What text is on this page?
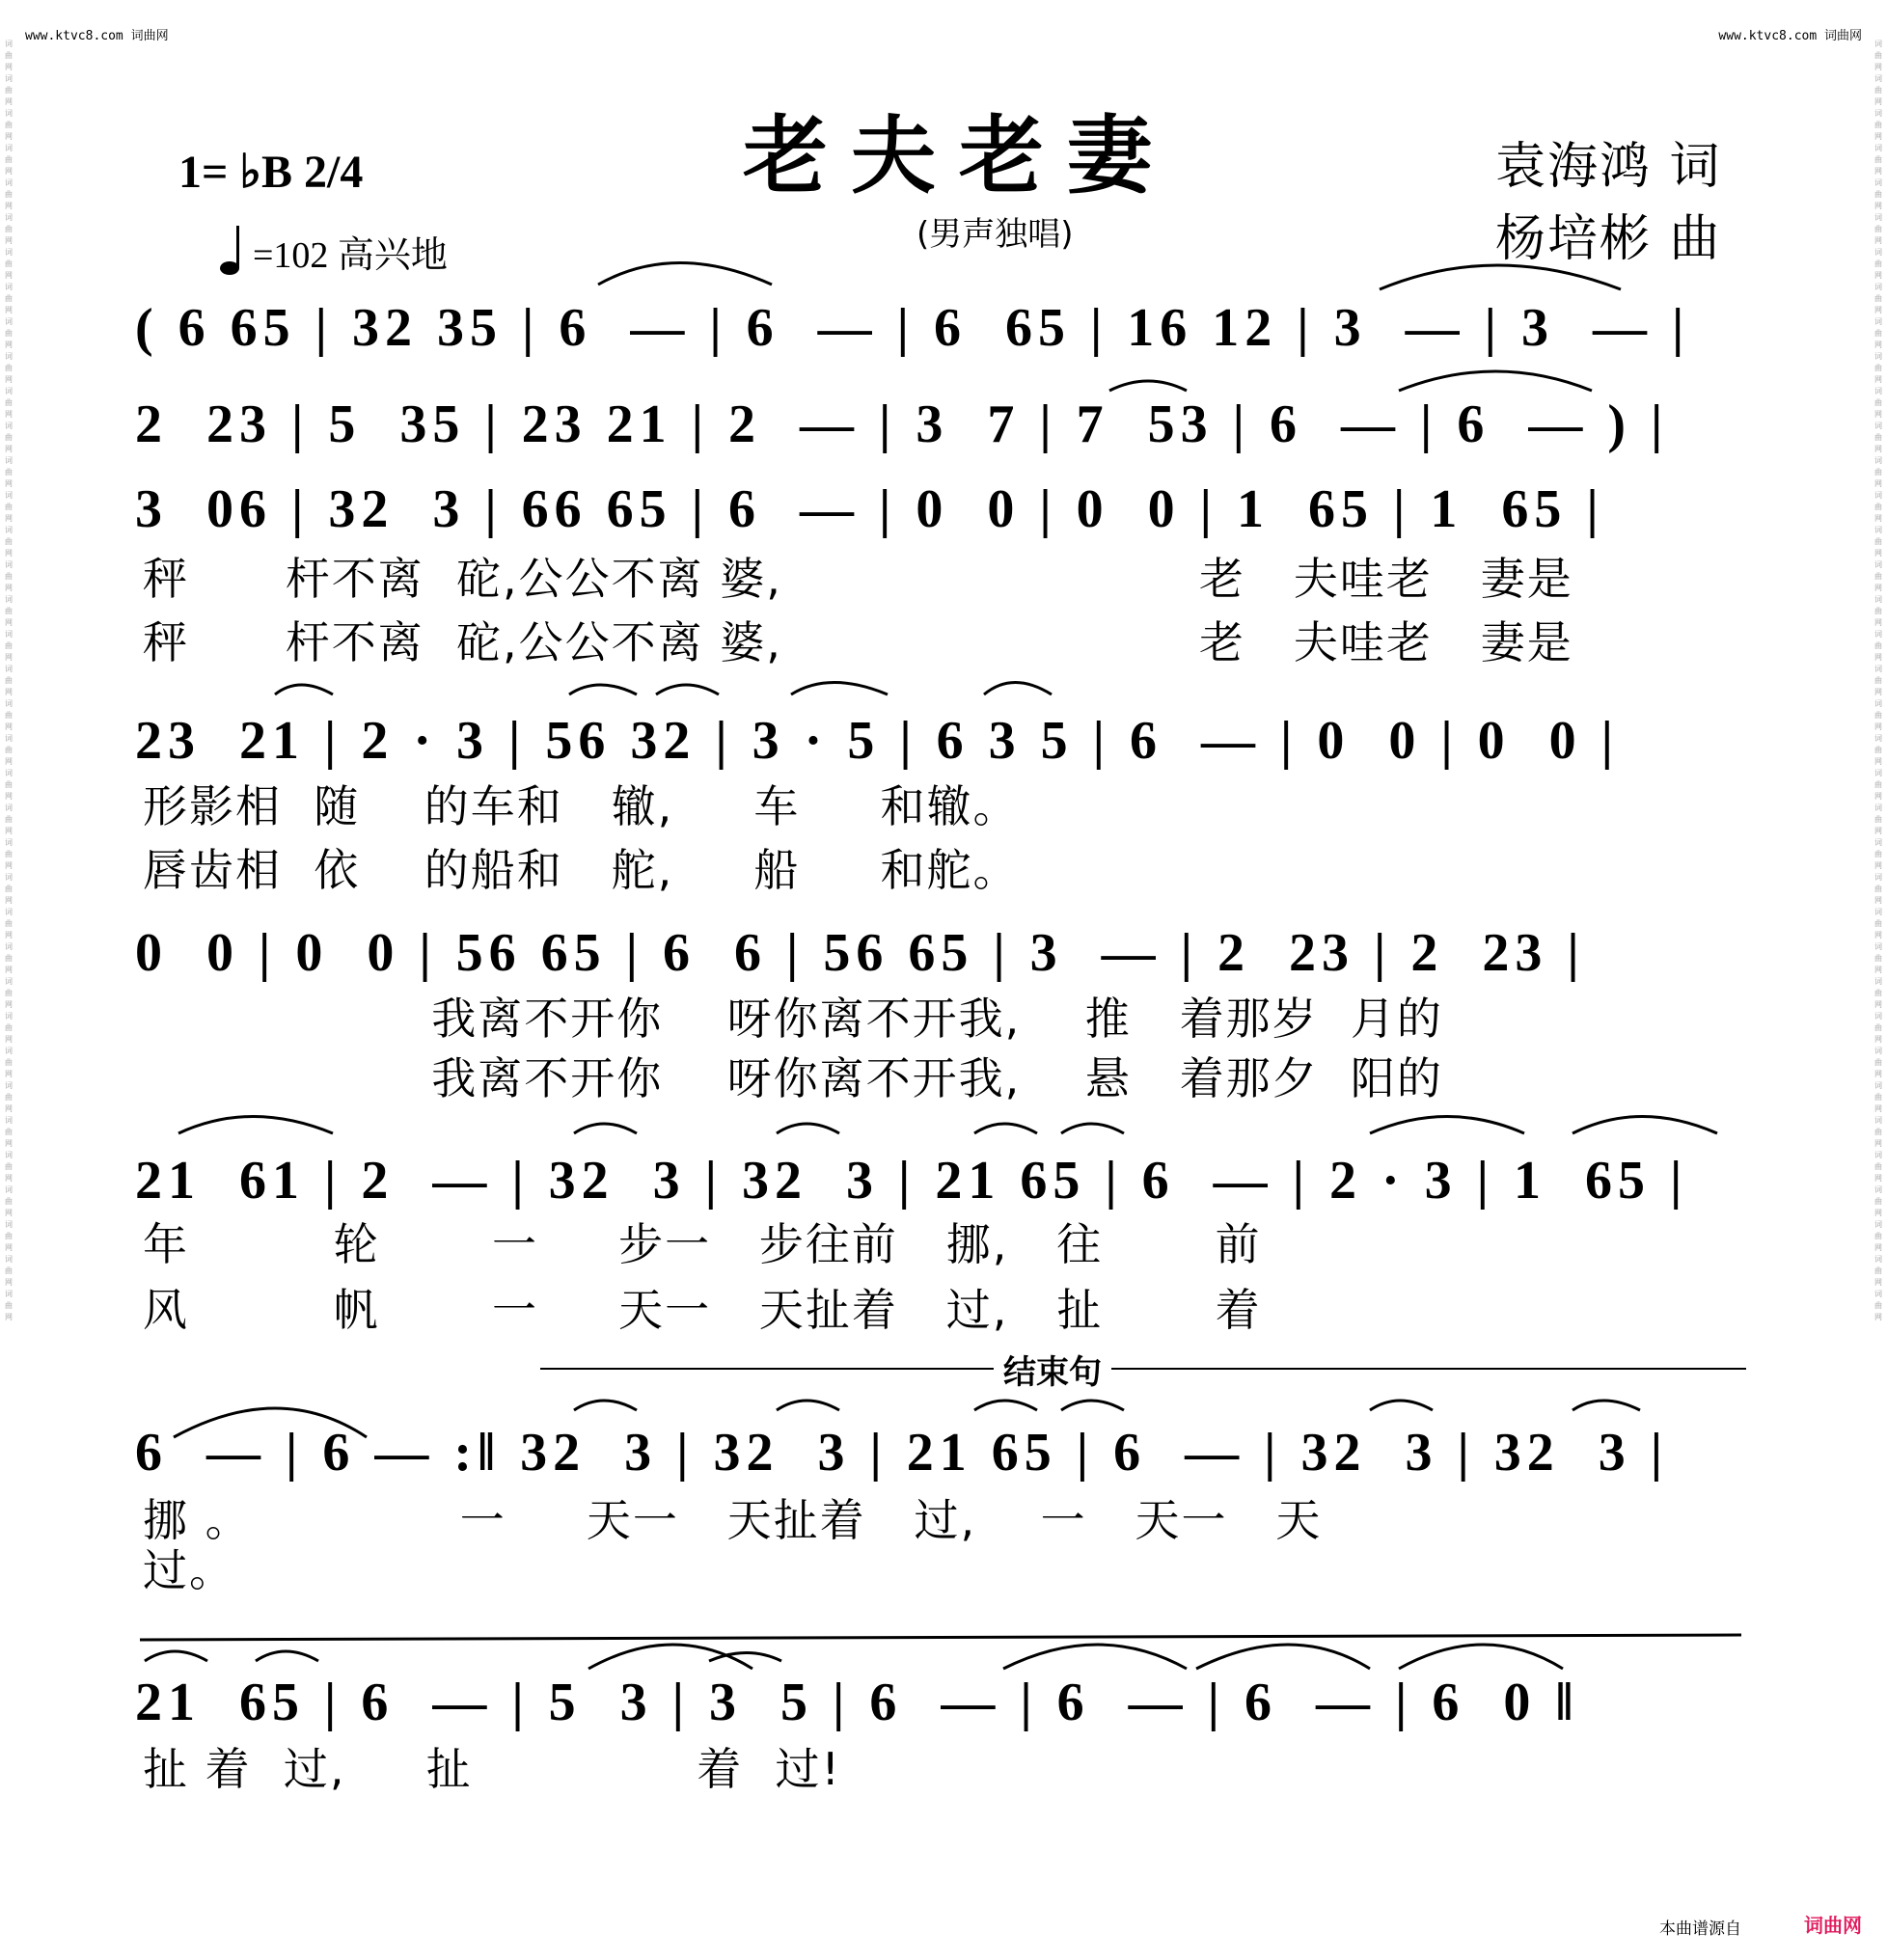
www.ktvc8.com 词曲网	www.ktvc8.com 词曲网
词曲网词曲网词曲网词曲网词曲网词曲网词曲网词曲网词曲网词曲网词曲网词曲网词曲网词曲网词曲网词曲网词曲网词曲网词曲网词曲网词曲网词曲网词曲网词曲网词曲网词曲网词曲网词曲网词曲网词曲网词曲网词曲网词曲网词曲网词曲网词曲网词曲网
词曲网词曲网词曲网词曲网词曲网词曲网词曲网词曲网词曲网词曲网词曲网词曲网词曲网词曲网词曲网词曲网词曲网词曲网词曲网词曲网词曲网词曲网词曲网词曲网词曲网词曲网词曲网词曲网词曲网词曲网词曲网词曲网词曲网词曲网词曲网词曲网词曲网
老夫老妻
(男声独唱)
1= ♭B 2/4
=102 高兴地
袁海鸿 词
杨培彬 曲
( 6 65 | 32 35 | 6  — | 6  — | 6  65 | 16 12 | 3  — | 3  — |
2  23 | 5  35 | 23 21 | 2  — | 3  7 | 7  53 | 6  — | 6  — ) |
3  06 | 32  3 | 66 65 | 6  — | 0  0 | 0  0 | 1  65 | 1  65 |
秤      杆不离  砣,公公不离 婆,                          老   夫哇老   妻是
秤      杆不离  砣,公公不离 婆,                          老   夫哇老   妻是
23  21 | 2 · 3 | 56 32 | 3 · 5 | 6 3 5 | 6  — | 0  0 | 0  0 |
形影相  随    的车和   辙,     车     和辙。
唇齿相  依    的船和   舵,     船     和舵。
0  0 | 0  0 | 56 65 | 6  6 | 56 65 | 3  — | 2  23 | 2  23 |
我离不开你    呀你离不开我,    推   着那岁  月的
我离不开你    呀你离不开我,    悬   着那夕  阳的
21  61 | 2  — | 32  3 | 32  3 | 21 65 | 6  — | 2 · 3 | 1  65 |
年         轮       一     步一   步往前   挪,   往       前
风         帆       一     天一   天扯着   过,   扯       着
6  — | 6 — :‖ 32  3 | 32  3 | 21 65 | 6  — | 32  3 | 32  3 |
挪 。             一     天一   天扯着   过,    一   天一   天
过。
21  65 | 6  — | 5  3 | 3  5 | 6  — | 6  — | 6  — | 6  0 ‖
扯 着  过,     扯              着  过!
结束句
本曲谱源自	词曲网
